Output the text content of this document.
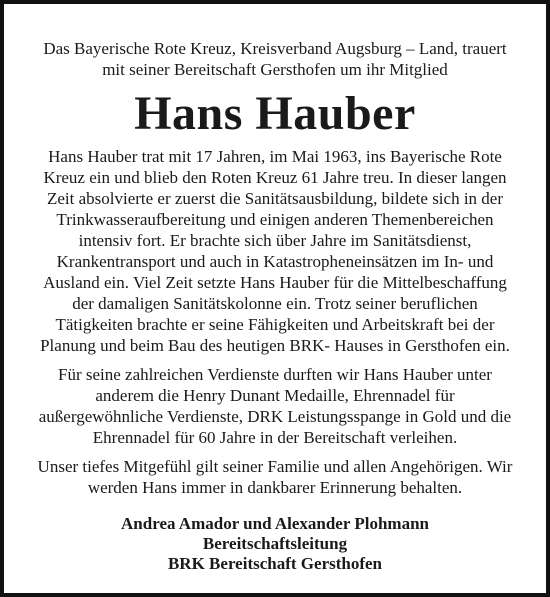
Das Bayerische Rote Kreuz, Kreisverband Augsburg – Land, trauert
mit seiner Bereitschaft Gersthofen um ihr Mitglied
Hans Hauber

Hans Hauber trat mit 17 Jahren, im Mai 1963, ins Bayerische Rote Kreuz ein und blieb den Roten Kreuz 61 Jahre treu. In dieser langen Zeit absolvierte er zuerst die Sanitätsausbildung, bildete sich in der Trinkwasseraufbereitung und einigen anderen Themenbereichen intensiv fort. Er brachte sich über Jahre im Sanitätsdienst, Krankentransport und auch in Katastropheneinsätzen im In- und Ausland ein. Viel Zeit setzte Hans Hauber für die Mittelbeschaffung der damaligen Sanitätskolonne ein. Trotz seiner beruflichen Tätigkeiten brachte er seine Fähigkeiten und Arbeitskraft bei der Planung und beim Bau des heutigen BRK- Hauses in Gersthofen ein.

Für seine zahlreichen Verdienste durften wir Hans Hauber unter anderem die Henry Dunant Medaille, Ehrennadel für außergewöhnliche Verdienste, DRK Leistungsspange in Gold und die Ehrennadel für 60 Jahre in der Bereitschaft verleihen.

Unser tiefes Mitgefühl gilt seiner Familie und allen Angehörigen. Wir werden Hans immer in dankbarer Erinnerung behalten.

Andrea Amador und Alexander Plohmann
Bereitschaftsleitung
BRK Bereitschaft Gersthofen
